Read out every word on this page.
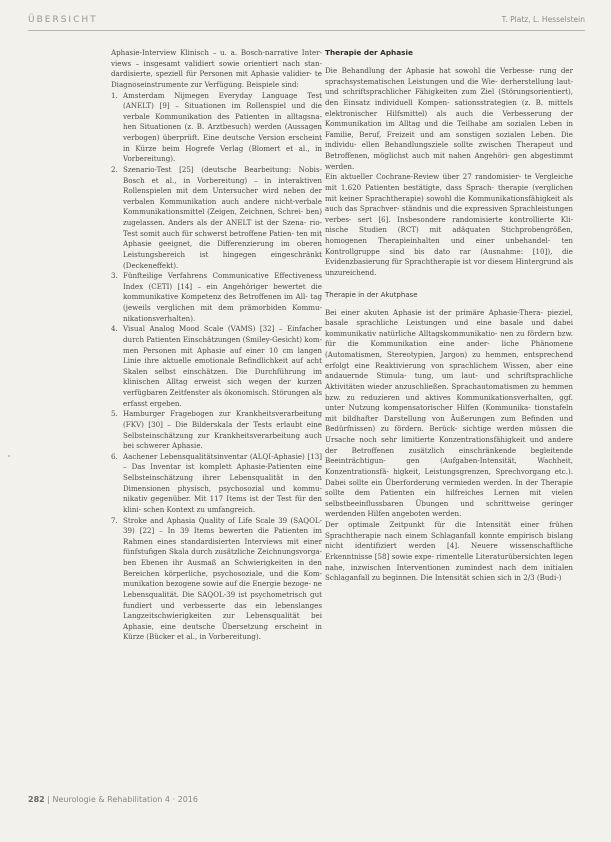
ÜBERSICHT	T. Platz, L. Hesselstein

Aphasie-Interview Klinisch – u. a. Bosch-narrative Inter- views – insgesamt validiert sowie orientiert nach stan- dardisierte, speziell für Personen mit Aphasie validier- te Diagnoseinstrumente zur Verfügung. Beispiele sind:

1. Amsterdam Nijmegen Everyday Language Test (ANELT) [9] – Situationen im Rollenspiel und die verbale Kommunikation des Patienten in alltagsna- hen Situationen (z. B. Arztbesuch) werden (Aussagen verbogen) überprüft. Eine deutsche Version erscheint in Kürze beim Hogrefe Verlag (Blomert et al., in Vorbereitung).
2. Szenario-Test [25] (deutsche Bearbeitung: Nobis- Bosch et al., in Vorbereitung) – in interaktiven Rollenspielen mit dem Untersucher wird neben der verbalen Kommunikation auch andere nicht-verbale Kommunikationsmittel (Zeigen, Zeichnen, Schrei- ben) zugelassen. Anders als der ANELT ist der Szena- rio-Test somit auch für schwerst betroffene Patien- ten mit Aphasie geeignet, die Differenzierung im oberen Leistungsbereich ist hingegen eingeschränkt (Deckeneffekt).
3. Fünfteilige Verfahrens Communicative Effectiveness Index (CETI) [14] – ein Angehöriger bewertet die kommunikative Kompetenz des Betroffenen im All- tag (jeweils verglichen mit dem prämorbiden Kommu- nikationsverhalten).
4. Visual Analog Mood Scale (VAMS) [32] – Einfacher durch Patienten Einschätzungen (Smiley-Gesicht) kom- men Personen mit Aphasie auf einer 10 cm langen Linie ihre aktuelle emotionale Befindlichkeit auf acht Skalen selbst einschätzen. Die Durchführung im klinischen Alltag erweist sich wegen der kurzen verfügbaren Zeitfenster als ökonomisch. Störungen als erfasst ergeben.
5. Hamburger Fragebogen zur Krankheitsverarbeitung (FKV) [30] – Die Bilderskala der Tests erlaubt eine Selbsteinschätzung zur Krankheitsverarbeitung auch bei schwerer Aphasie.
6. Aachener Lebensqualitätsinventar (ALQI-Aphasie) [13] – Das Inventar ist komplett Aphasie-Patienten eine Selbsteinschätzung ihrer Lebensqualität in den Dimensionen physisch, psychosozial und kommu- nikativ gegenüber. Mit 117 Items ist der Test für den klini- schen Kontext zu umfangreich.
7. Stroke and Aphasia Quality of Life Scale 39 (SAQOL- 39) [22] – In 39 Items bewerten die Patienten im Rahmen eines standardisierten Interviews mit einer fünfstufigen Skala durch zusätzliche Zeichnungsvorga- ben Ebenen ihr Ausmaß an Schwierigkeiten in den Bereichen körperliche, psychosoziale, und die Kom- munikation bezogene sowie auf die Energie bezoge- ne Lebensqualität. Die SAQOL-39 ist psychometrisch gut fundiert und verbesserte das ein lebenslanges Langzeitschwierigkeiten zur Lebensqualität bei Aphasie, eine deutsche Übersetzung erscheint in Kürze (Bücker et al., in Vorbereitung).
Therapie der Aphasie

Die Behandlung der Aphasie hat sowohl die Verbesse- rung der sprachsystematischen Leistungen und die Wie- derherstellung laut- und schriftsprachlicher Fähigkeiten zum Ziel (Störungsorientiert), den Einsatz individuell Kompen- sationsstrategien (z. B. mittels elektronischer Hilfsmittel) als auch die Verbesserung der Kommunikation im Alltag und die Teilhabe am sozialen Leben in Familie, Beruf, Freizeit und am sonstigen sozialen Leben. Die individu- ellen Behandlungsziele sollte zwischen Therapeut und Betroffenen, möglichst auch mit nahen Angehöri- gen abgestimmt werden.

Ein aktueller Cochrane-Review über 27 randomisier- te Vergleiche mit 1.620 Patienten bestätigte, dass Sprach- therapie (verglichen mit keiner Sprachtherapie) sowohl die Kommunikationsfähigkeit als auch das Sprachver- ständnis und die expressiven Sprachleistungen verbes- sert [6]. Insbesondere randomisierte kontrollierte Kli- nische Studien (RCT) mit adäquaten Stichprobengrößen, homogenen Therapieinhalten und einer unbehandel- ten Kontrollgruppe sind bis dato rar (Ausnahme: [10]), die Evidenzbasierung für Sprachtherapie ist vor diesem Hintergrund als unzureichend.

Therapie in der Akutphase

Bei einer akuten Aphasie ist der primäre Aphasie-Thera- pieziel, basale sprachliche Leistungen und eine basale und dabei kommunikativ natürliche Alltagskommunikatio- nen zu fördern bzw. für die Kommunikation eine ander- liche Phänomene (Automatismen, Stereotypien, Jargon) zu hemmen, entsprechend erfolgt eine Reaktivierung von sprachlichem Wissen, aber eine andauernde Stimula- tung, um laut- und schriftsprachliche Aktivitäten wieder anzuschließen. Sprachautomatismen zu hemmen bzw. zu reduzieren und aktives Kommunikationsverhalten, ggf. unter Nutzung kompensatorischer Hilfen (Kommunika- tionstafeln mit bildhafter Darstellung von Äußerungen zum Befinden und Bedürfnissen) zu fördern. Berück- sichtige werden müssen die Ursache noch sehr limitierte Konzentrationsfähigkeit und andere der Betroffenen zusätzlich einschränkende begleitende Beeinträchtigun-	gen (Aufgaben-Intensität, Wachheit, Konzentrationsfä- higkeit, Leistungsgrenzen, Sprechvorgang etc.). Dabei sollte ein Überforderung vermieden werden. In der Therapie sollte dem Patienten ein hilfreiches Lernen mit vielen selbstbeeinflussbaren Übungen und schrittweise geringer werdenden Hilfen angeboten werden.

Der optimale Zeitpunkt für die Intensität einer frühen Sprachtherapie nach einem Schlaganfall konnte empirisch bislang nicht identifiziert werden [4]. Neuere wissenschaftliche Erkenntnisse [58] sowie expe- rimentelle Literaturübersichten legen nahe, inzwischen Interventionen zumindest nach dem initialen Schlaganfall zu beginnen. Die Intensität schien sich in 2/3 (Budi-)

282 | Neurologie & Rehabilitation 4 · 2016
